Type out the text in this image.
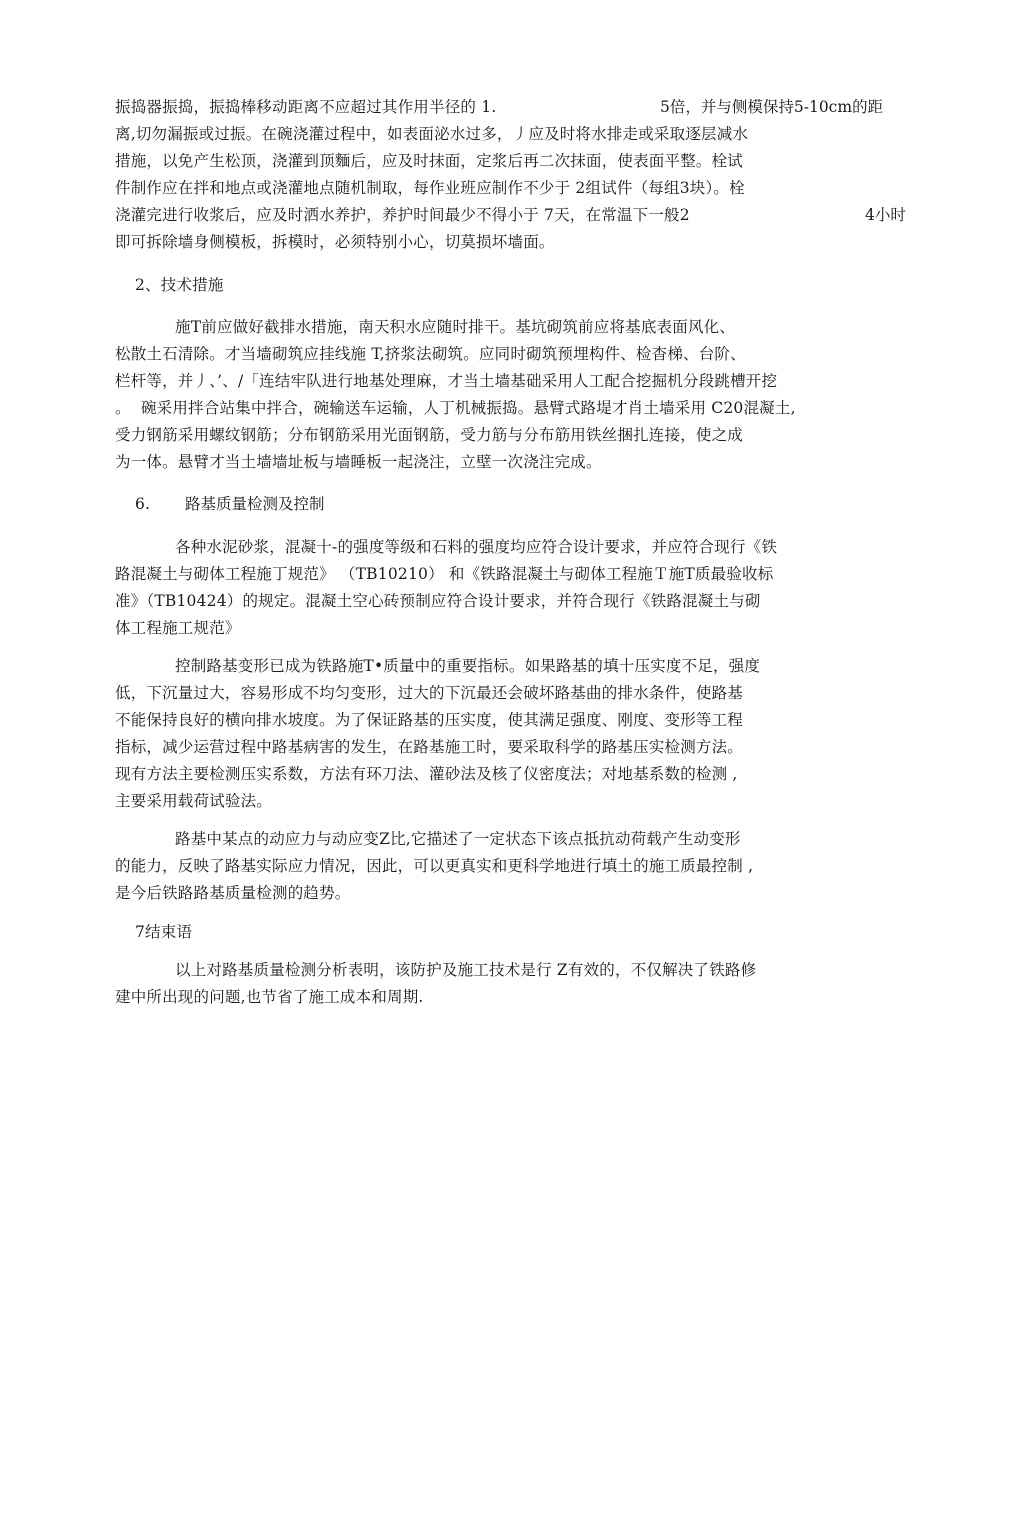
振捣器振捣，振捣棒移动距离不应超过其作用半径的 1.	5倍，并与侧模保持5-10cm的距
离,切勿漏振或过振。在碗浇灌过程中，如表面泌水过多，丿应及时将水排走或采取逐层减水
措施，以免产生松顶，浇灌到顶麵后，应及时抹面，定浆后再二次抹面，使表面平整。栓试
件制作应在拌和地点或浇灌地点随机制取，每作业班应制作不少于 2组试件（每组3块）。栓
浇灌完进行收浆后，应及时洒水养护，养护时间最少不得小于 7天，在常温下一般2	4小时
即可拆除墙身侧模板，拆模时，必须特别小心，切莫损坏墙面。
2、技术措施
施T前应做好截排水措施，南天积水应随时排干。基坑砌筑前应将基底表面风化、
松散土石清除。才当墙砌筑应挂线施 T,挤浆法砌筑。应同时砌筑预埋构件、检杳梯、台阶、
栏杆等，并丿、’、/「连结牢队进行地基处理麻，才当土墙基础采用人工配合挖掘机分段跳槽开挖
。  碗采用拌合站集中拌合，碗输送车运输，人丁机械振捣。悬臂式路堤才肖土墙采用 C20混凝土,
受力钢筋采用螺纹钢筋；分布钢筋采用光面钢筋，受力筋与分布筋用铁丝捆扎连接，使之成
为一体。悬臂才当土墙墙址板与墙睡板一起浇注，立壁一次浇注完成。
6. 路基质量检测及控制
各种水泥砂浆，混凝十-的强度等级和石料的强度均应符合设计要求，并应符合现行《铁
路混凝土与砌体工程施丁规范》 （TB10210） 和《铁路混凝土与砌体工程施Ｔ施T质最验收标
准》（TB10424）的规定。混凝土空心砖预制应符合设计要求，并符合现行《铁路混凝土与砌
体工程施工规范》
控制路基变形已成为铁路施T•质量中的重要指标。如果路基的填十压实度不足，强度
低，下沉量过大，容易形成不均匀变形，过大的下沉最还会破坏路基曲的排水条件，使路基
不能保持良好的横向排水坡度。为了保证路基的压实度，使其满足强度、刚度、变形等工程
指标，减少运营过程中路基病害的发生，在路基施工时，要采取科学的路基压实检测方法。
现有方法主要检测压实系数，方法有环刀法、灌砂法及核了仪密度法；对地基系数的检测 ,
主要采用载荷试验法。
路基中某点的动应力与动应变Z比,它描述了一定状态下该点抵抗动荷载产生动变形
的能力，反映了路基实际应力情况，因此，可以更真实和更科学地进行填土的施工质最控制 ,
是今后铁路路基质量检测的趋势。
7结束语
以上对路基质量检测分析表明，该防护及施工技术是行 Z有效的，不仅解决了铁路修
建中所出现的问题,也节省了施工成本和周期.
